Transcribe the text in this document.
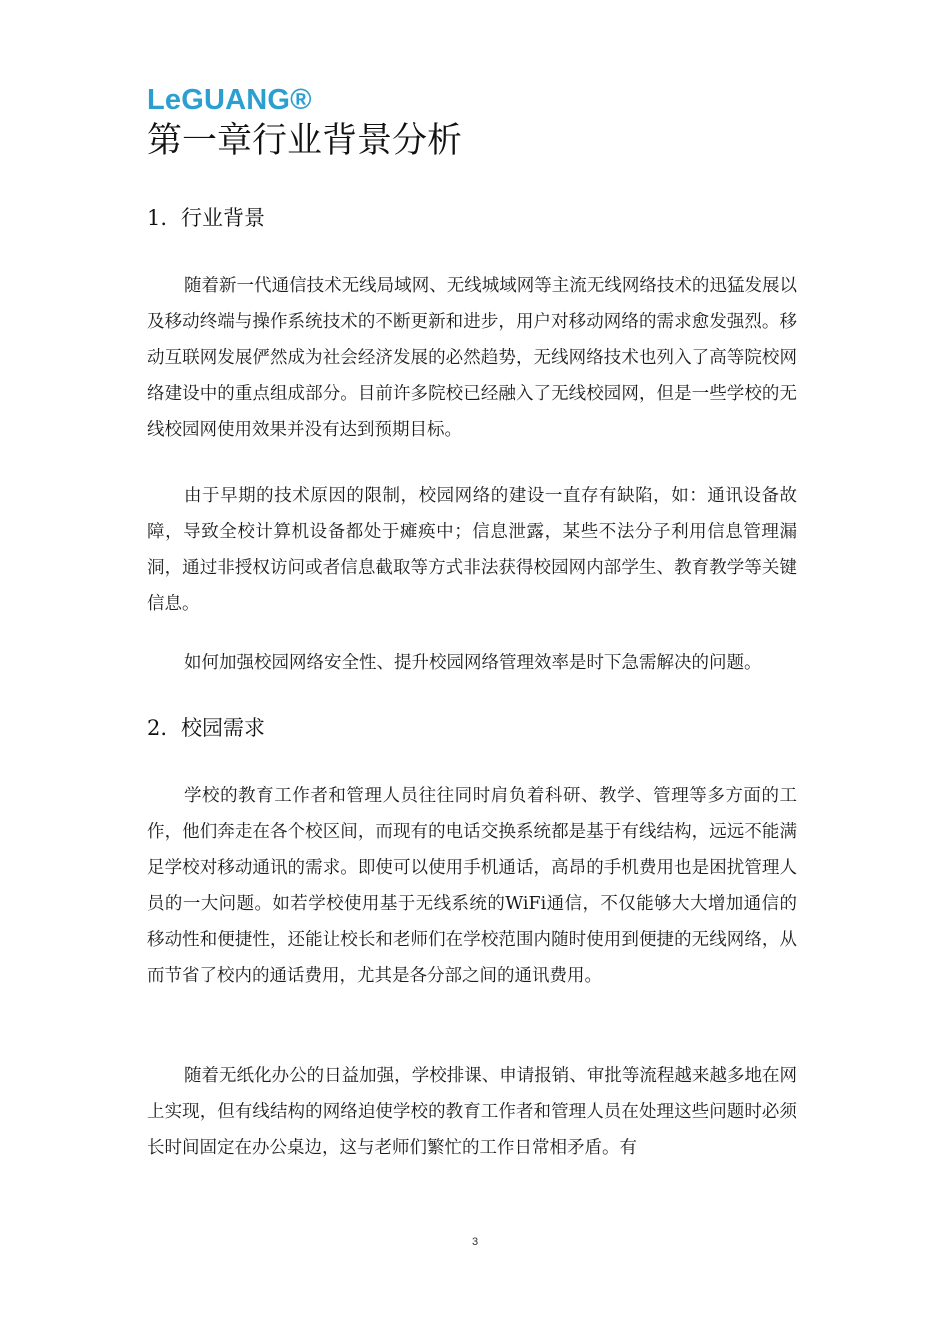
LeGUANG®
第一章行业背景分析
1. 行业背景

随着新一代通信技术无线局域网、无线城域网等主流无线网络技术的迅猛发展以及移动终端与操作系统技术的不断更新和进步，用户对移动网络的需求愈发强烈。移动互联网发展俨然成为社会经济发展的必然趋势，无线网络技术也列入了高等院校网络建设中的重点组成部分。目前许多院校已经融入了无线校园网，但是一些学校的无线校园网使用效果并没有达到预期目标。

由于早期的技术原因的限制，校园网络的建设一直存有缺陷，如：通讯设备故障，导致全校计算机设备都处于瘫痪中；信息泄露，某些不法分子利用信息管理漏洞，通过非授权访问或者信息截取等方式非法获得校园网内部学生、教育教学等关键信息。

如何加强校园网络安全性、提升校园网络管理效率是时下急需解决的问题。

2. 校园需求

学校的教育工作者和管理人员往往同时肩负着科研、教学、管理等多方面的工作，他们奔走在各个校区间，而现有的电话交换系统都是基于有线结构，远远不能满足学校对移动通讯的需求。即使可以使用手机通话，高昂的手机费用也是困扰管理人员的一大问题。如若学校使用基于无线系统的WiFi通信，不仅能够大大增加通信的移动性和便捷性，还能让校长和老师们在学校范围内随时使用到便捷的无线网络，从而节省了校内的通话费用，尤其是各分部之间的通讯费用。

随着无纸化办公的日益加强，学校排课、申请报销、审批等流程越来越多地在网上实现，但有线结构的网络迫使学校的教育工作者和管理人员在处理这些问题时必须长时间固定在办公桌边，这与老师们繁忙的工作日常相矛盾。有

3
